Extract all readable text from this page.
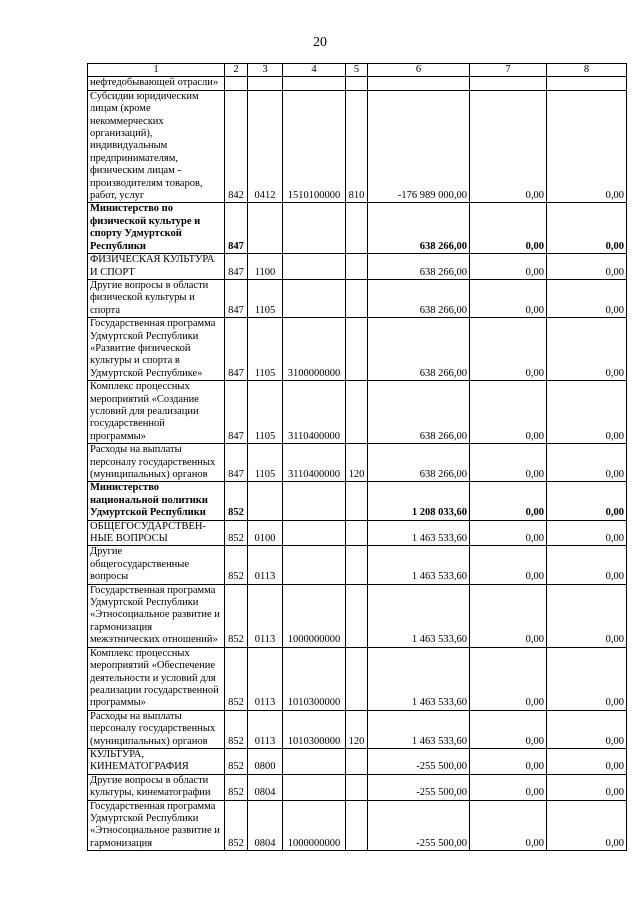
20
1	2	3	4	5	6	7	8
нефтедобывающей отрасли»							
Субсидии юридическим лицам (кроме некоммерческих организаций), индивидуальным предпринимателям, физическим лицам - производителям товаров, работ, услуг	842	0412	1510100000	810	-176 989 000,00	0,00	0,00
Министерство по физической культуре и спорту Удмуртской Республики	847				638 266,00	0,00	0,00
ФИЗИЧЕСКАЯ КУЛЬТУРА И СПОРТ	847	1100			638 266,00	0,00	0,00
Другие вопросы в области физической культуры и спорта	847	1105			638 266,00	0,00	0,00
Государственная программа Удмуртской Республики «Развитие физической культуры и спорта в Удмуртской Республике»	847	1105	3100000000		638 266,00	0,00	0,00
Комплекс процессных мероприятий «Создание условий для реализации государственной программы»	847	1105	3110400000		638 266,00	0,00	0,00
Расходы на выплаты персоналу государственных (муниципальных) органов	847	1105	3110400000	120	638 266,00	0,00	0,00
Министерство национальной политики Удмуртской Республики	852				1 208 033,60	0,00	0,00
ОБЩЕГОСУДАРСТВЕН-НЫЕ ВОПРОСЫ	852	0100			1 463 533,60	0,00	0,00
Другие общегосударственные вопросы	852	0113			1 463 533,60	0,00	0,00
Государственная программа Удмуртской Республики «Этносоциальное развитие и гармонизация межэтнических отношений»	852	0113	1000000000		1 463 533,60	0,00	0,00
Комплекс процессных мероприятий «Обеспечение деятельности и условий для реализации государственной программы»	852	0113	1010300000		1 463 533,60	0,00	0,00
Расходы на выплаты персоналу государственных (муниципальных) органов	852	0113	1010300000	120	1 463 533,60	0,00	0,00
КУЛЬТУРА, КИНЕМАТОГРАФИЯ	852	0800			-255 500,00	0,00	0,00
Другие вопросы в области культуры, кинематографии	852	0804			-255 500,00	0,00	0,00
Государственная программа Удмуртской Республики «Этносоциальное развитие и гармонизация	852	0804	1000000000		-255 500,00	0,00	0,00
